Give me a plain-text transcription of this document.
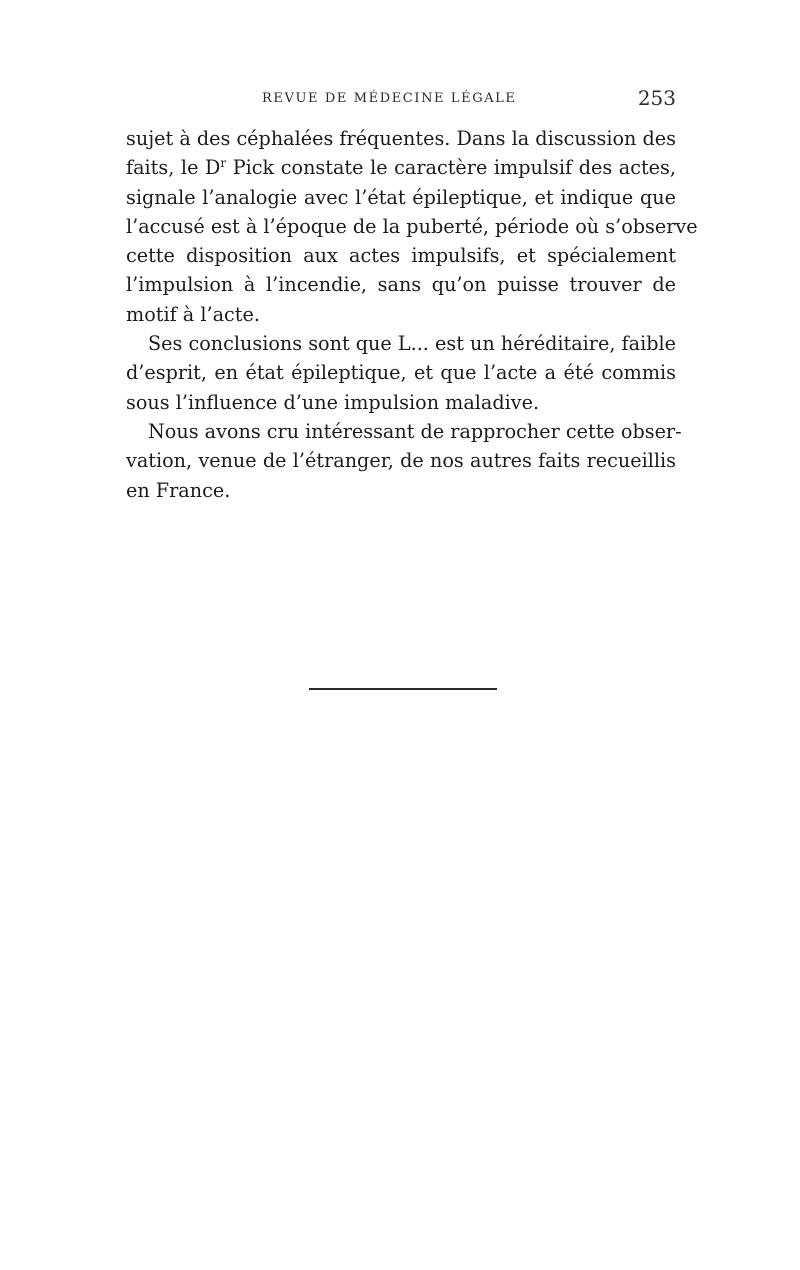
REVUE DE MÉDECINE LÉGALE	253
sujet à des céphalées fréquentes. Dans la discussion des
faits, le $D^r$ Pick constate le caractère impulsif des actes,
signale l’analogie avec l’état épileptique, et indique que
l’accusé est à l’époque de la puberté, période où s’observe
cette disposition aux actes impulsifs, et spécialement
l’impulsion à l’incendie, sans qu’on puisse trouver de
motif à l’acte.
Ses conclusions sont que L... est un héréditaire, faible
d’esprit, en état épileptique, et que l’acte a été commis
sous l’influence d’une impulsion maladive.
Nous avons cru intéressant de rapprocher cette obser-
vation, venue de l’étranger, de nos autres faits recueillis
en France.
